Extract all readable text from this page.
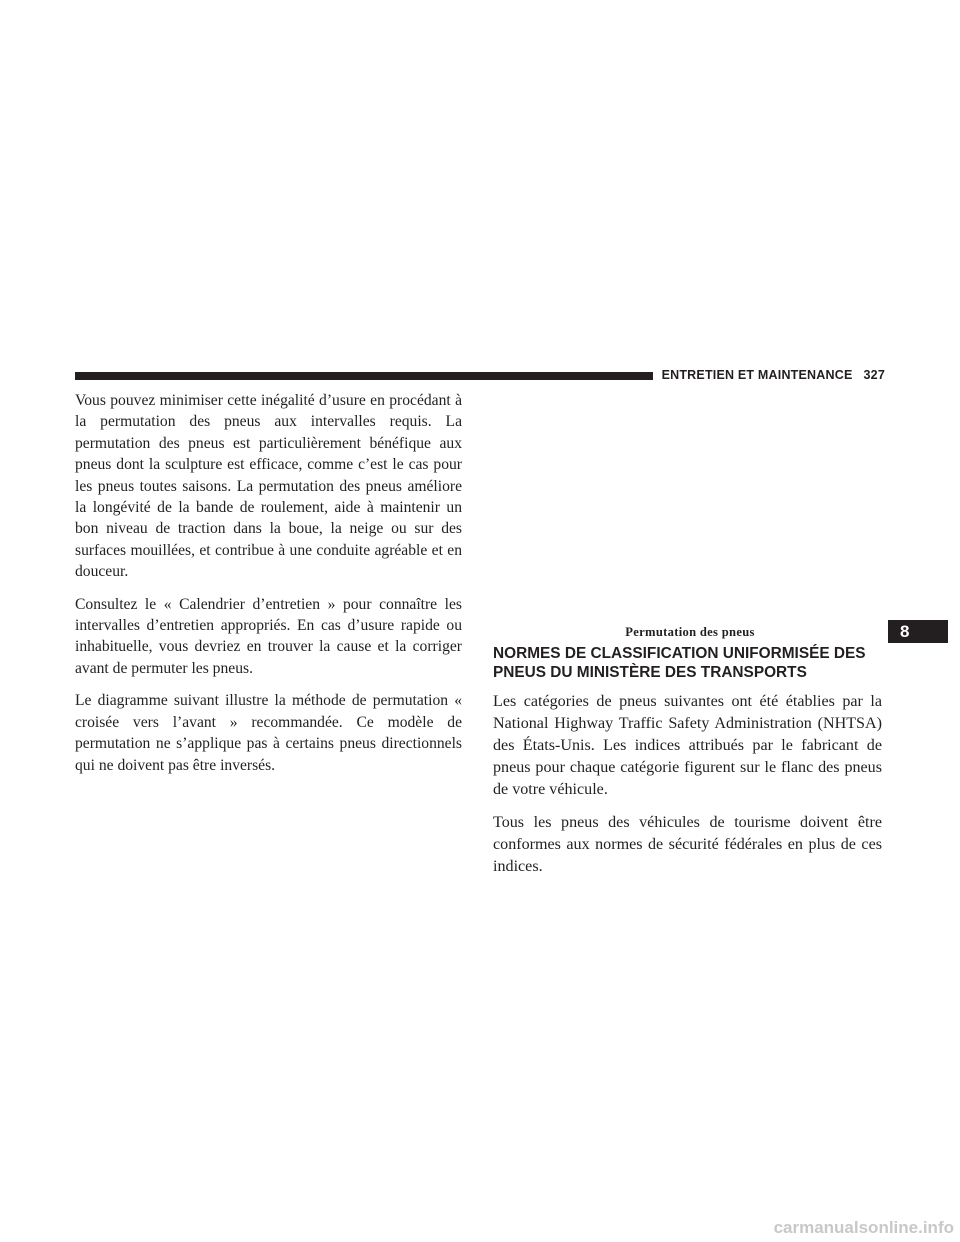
ENTRETIEN ET MAINTENANCE 327

Vous pouvez minimiser cette inégalité d’usure en procédant à la permutation des pneus aux intervalles requis. La permutation des pneus est particulièrement bénéfique aux pneus dont la sculpture est efficace, comme c’est le cas pour les pneus toutes saisons. La permutation des pneus améliore la longévité de la bande de roulement, aide à maintenir un bon niveau de traction dans la boue, la neige ou sur des surfaces mouillées, et contribue à une conduite agréable et en douceur.

Consultez le « Calendrier d’entretien » pour connaître les intervalles d’entretien appropriés. En cas d’usure rapide ou inhabituelle, vous devriez en trouver la cause et la corriger avant de permuter les pneus.

Le diagramme suivant illustre la méthode de permutation « croisée vers l’avant » recommandée. Ce modèle de permutation ne s’applique pas à certains pneus directionnels qui ne doivent pas être inversés.

Permutation des pneus	8
NORMES DE CLASSIFICATION UNIFORMISÉE DES PNEUS DU MINISTÈRE DES TRANSPORTS

Les catégories de pneus suivantes ont été établies par la National Highway Traffic Safety Administration (NHTSA) des États-Unis. Les indices attribués par le fabricant de pneus pour chaque catégorie figurent sur le flanc des pneus de votre véhicule.

Tous les pneus des véhicules de tourisme doivent être conformes aux normes de sécurité fédérales en plus de ces indices.

carmanualsonline.info
